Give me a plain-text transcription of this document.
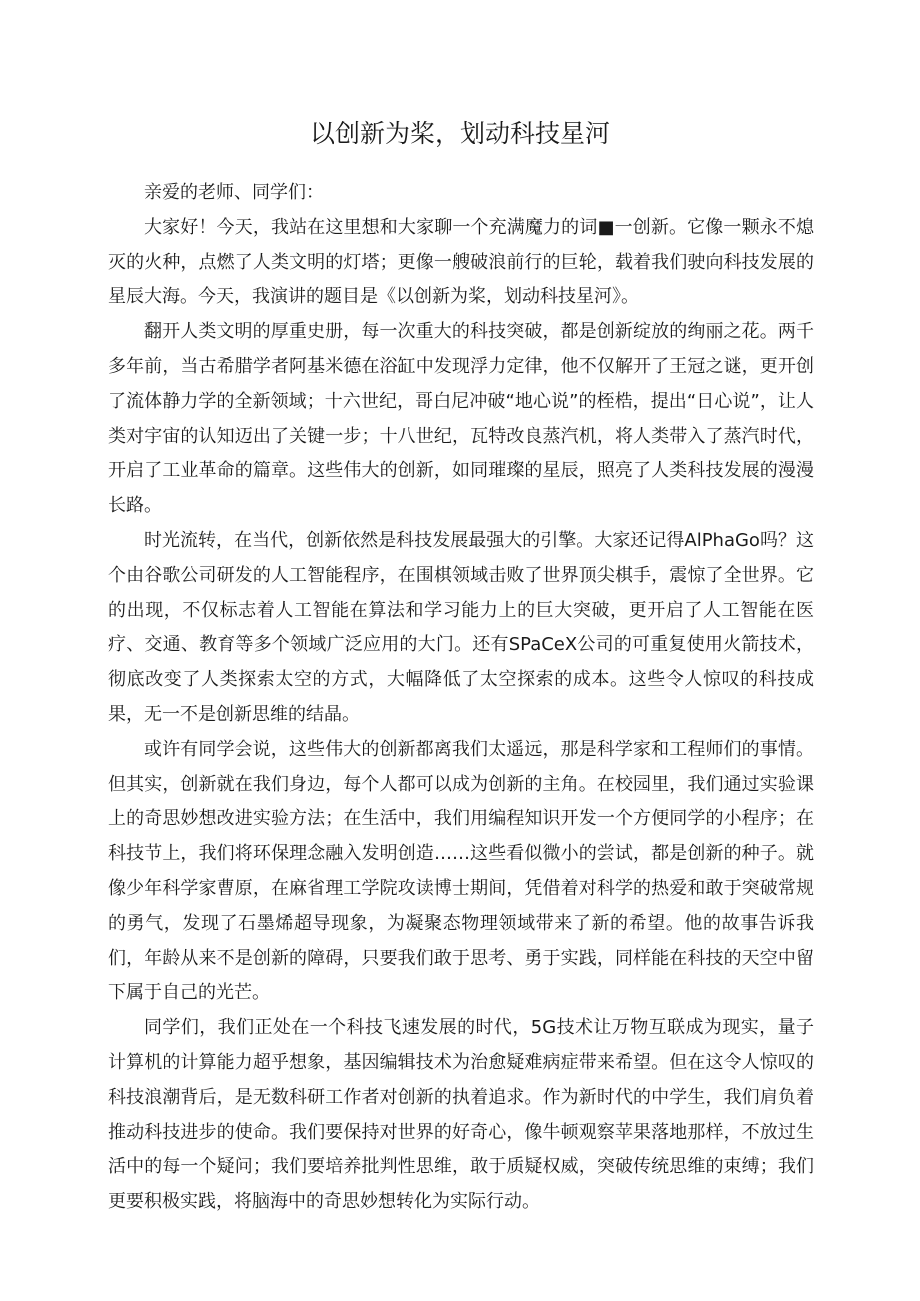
以创新为桨，划动科技星河

亲爱的老师、同学们：

大家好！今天，我站在这里想和大家聊一个充满魔力的词■一创新。它像一颗永不熄灭的火种，点燃了人类文明的灯塔；更像一艘破浪前行的巨轮，载着我们驶向科技发展的星辰大海。今天，我演讲的题目是《以创新为桨，划动科技星河》。

翻开人类文明的厚重史册，每一次重大的科技突破，都是创新绽放的绚丽之花。两千多年前，当古希腊学者阿基米德在浴缸中发现浮力定律，他不仅解开了王冠之谜，更开创了流体静力学的全新领域；十六世纪，哥白尼冲破“地心说”的桎梏，提出“日心说”，让人类对宇宙的认知迈出了关键一步；十八世纪，瓦特改良蒸汽机，将人类带入了蒸汽时代，开启了工业革命的篇章。这些伟大的创新，如同璀璨的星辰，照亮了人类科技发展的漫漫长路。

时光流转，在当代，创新依然是科技发展最强大的引擎。大家还记得AlPhaGo吗？这个由谷歌公司研发的人工智能程序，在围棋领域击败了世界顶尖棋手，震惊了全世界。它的出现，不仅标志着人工智能在算法和学习能力上的巨大突破，更开启了人工智能在医疗、交通、教育等多个领域广泛应用的大门。还有SPaCeX公司的可重复使用火箭技术，彻底改变了人类探索太空的方式，大幅降低了太空探索的成本。这些令人惊叹的科技成果，无一不是创新思维的结晶。

或许有同学会说，这些伟大的创新都离我们太遥远，那是科学家和工程师们的事情。但其实，创新就在我们身边，每个人都可以成为创新的主角。在校园里，我们通过实验课上的奇思妙想改进实验方法；在生活中，我们用编程知识开发一个方便同学的小程序；在科技节上，我们将环保理念融入发明创造……这些看似微小的尝试，都是创新的种子。就像少年科学家曹原，在麻省理工学院攻读博士期间，凭借着对科学的热爱和敢于突破常规的勇气，发现了石墨烯超导现象，为凝聚态物理领域带来了新的希望。他的故事告诉我们，年龄从来不是创新的障碍，只要我们敢于思考、勇于实践，同样能在科技的天空中留下属于自己的光芒。

同学们，我们正处在一个科技飞速发展的时代，5G技术让万物互联成为现实，量子计算机的计算能力超乎想象，基因编辑技术为治愈疑难病症带来希望。但在这令人惊叹的科技浪潮背后，是无数科研工作者对创新的执着追求。作为新时代的中学生，我们肩负着推动科技进步的使命。我们要保持对世界的好奇心，像牛顿观察苹果落地那样，不放过生活中的每一个疑问；我们要培养批判性思维，敢于质疑权威，突破传统思维的束缚；我们更要积极实践，将脑海中的奇思妙想转化为实际行动。
